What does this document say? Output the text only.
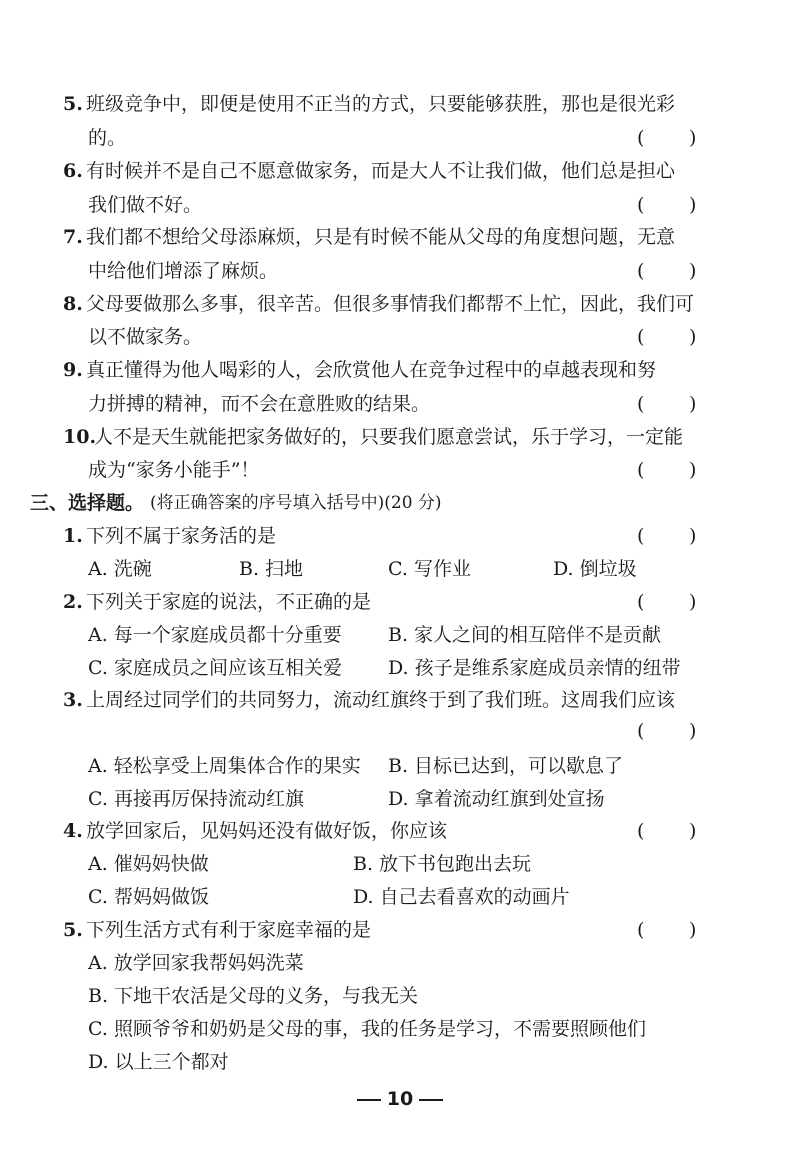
5. 班级竞争中，即便是使用不正当的方式，只要能够获胜，那也是很光彩
的。	( )
6. 有时候并不是自己不愿意做家务，而是大人不让我们做，他们总是担心
我们做不好。	( )
7. 我们都不想给父母添麻烦，只是有时候不能从父母的角度想问题，无意
中给他们增添了麻烦。	( )
8. 父母要做那么多事，很辛苦。但很多事情我们都帮不上忙，因此，我们可
以不做家务。	( )
9. 真正懂得为他人喝彩的人，会欣赏他人在竞争过程中的卓越表现和努
力拼搏的精神，而不会在意胜败的结果。	( )
10.
人不是天生就能把家务做好的，只要我们愿意尝试，乐于学习，一定能
成为“家务小能手”！	( )
三、选择题。 (将正确答案的序号填入括号中)(20 分)
1. 下列不属于家务活的是	( )
A. 洗碗	B. 扫地	C. 写作业	D. 倒垃圾
2. 下列关于家庭的说法，不正确的是	( )
A. 每一个家庭成员都十分重要 B. 家人之间的相互陪伴不是贡献
C. 家庭成员之间应该互相关爱 D. 孩子是维系家庭成员亲情的纽带
3. 上周经过同学们的共同努力，流动红旗终于到了我们班。这周我们应该
( )
A. 轻松享受上周集体合作的果实 B. 目标已达到，可以歇息了
C. 再接再厉保持流动红旗	D. 拿着流动红旗到处宣扬
4. 放学回家后，见妈妈还没有做好饭，你应该	( )
A. 催妈妈快做	B. 放下书包跑出去玩
C. 帮妈妈做饭	D. 自己去看喜欢的动画片
5. 下列生活方式有利于家庭幸福的是	( )
A. 放学回家我帮妈妈洗菜
B. 下地干农活是父母的义务，与我无关
C. 照顾爷爷和奶奶是父母的事，我的任务是学习，不需要照顾他们
D. 以上三个都对
10
